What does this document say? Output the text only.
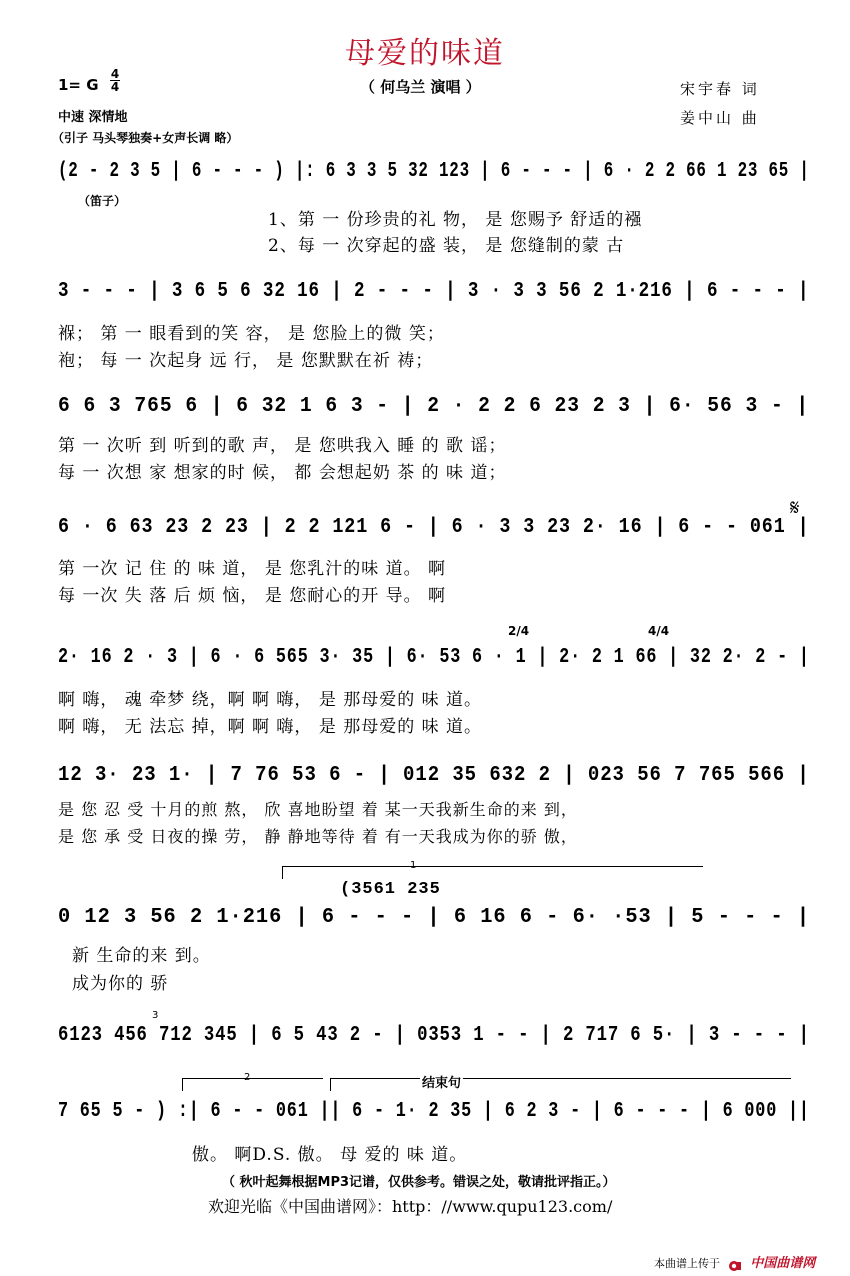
母爱的味道
1= G
4
4	（ 何乌兰 演唱 ）	宋宇春 词
姜中山 曲
中速 深情地
（引子 马头琴独奏+女声长调 略）
(2 - 2 3 5 | 6 - - - ) |: 6 3 3 5 32 123 | 6 - - - | 6 · 2 2 66 1 23 65 |
（笛子）
1、第 一 份珍贵的礼 物， 是 您赐予 舒适的襁
2、每 一 次穿起的盛 装， 是 您缝制的蒙 古
3 - - - | 3 6 5 6 32 16 | 2 - - - | 3 · 3 3 56 2 1·216 | 6 - - - |
褓； 第 一 眼看到的笑 容， 是 您脸上的微 笑；
袍； 每 一 次起身 远 行， 是 您默默在祈 祷；
6 6 3 765 6 | 6 32 1 6 3 - | 2 · 2 2 6 23 2 3 | 6· 56 3 - |
第 一 次听 到 听到的歌 声， 是 您哄我入 睡 的 歌 谣；
每 一 次想 家 想家的时 候， 都 会想起奶 茶 的 味 道；
6 · 6 63 23 2 23 | 2 2 121 6 - | 6 · 3 3 23 2· 16 | 6 - - 061 |
𝄋
第 一次 记 住 的 味 道， 是 您乳汁的味 道。 啊
每 一次 失 落 后 烦 恼， 是 您耐心的开 导。 啊
2· 16 2 · 3 | 6 · 6 565 3· 35 | 6· 53 6 · 1 | 2· 2 1 66 | 32 2· 2 - |
2/4	4/4
啊 嗨， 魂 牵梦 绕，啊 啊 嗨， 是 那母爱的 味 道。
啊 嗨， 无 法忘 掉，啊 啊 嗨， 是 那母爱的 味 道。
12 3· 23 1· | 7 76 53 6 - | 012 35 632 2 | 023 56 7 765 566 |
是 您 忍 受 十月的煎 熬， 欣 喜地盼望 着 某一天我新生命的来 到，
是 您 承 受 日夜的操 劳， 静 静地等待 着 有一天我成为你的骄 傲，
1
(3561 235
0 12 3 56 2 1·216 | 6 - - - | 6 16 6 - 6· ·53 | 5 - - - |
新 生命的来 到。
成为你的 骄
3
6123 456 712 345 | 6 5 43 2 - | 0353 1 - - | 2 717 6 5· | 3 - - - |
2	结束句
7 65 5 - ) :| 6 - - 061 || 6 - 1· 2 35 | 6 2 3 - | 6 - - - | 6 000 ||
傲。 啊D.S. 傲。 母 爱的 味 道。
（ 秋叶起舞根据MP3记谱，仅供参考。错误之处，敬请批评指正。）
欢迎光临《中国曲谱网》：http：//www.qupu123.com/
本曲谱上传于 中国曲谱网
